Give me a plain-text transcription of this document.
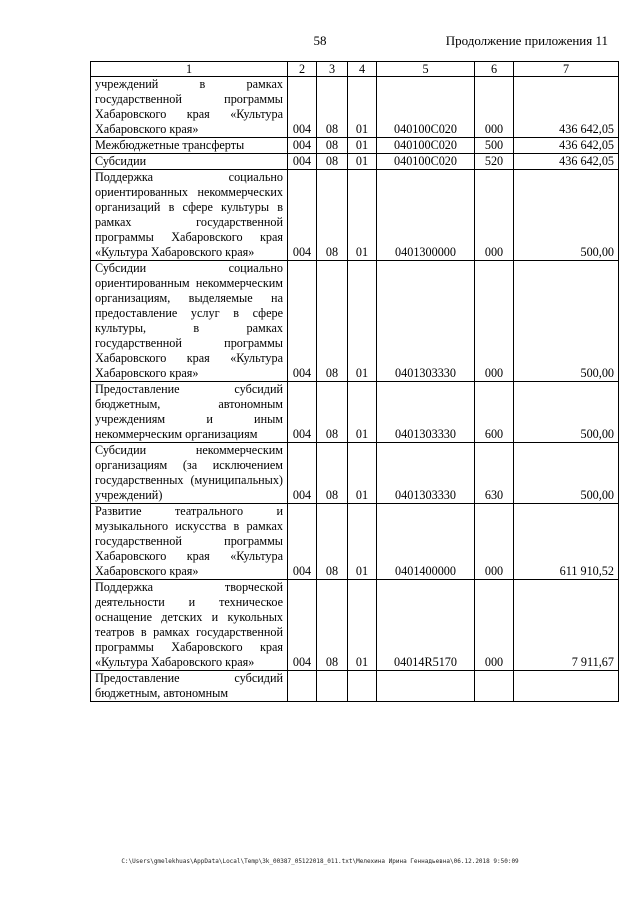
58	Продолжение приложения 11
1	2	3	4	5	6	7
учреждений в рамках государственной программы Хабаровского края «Культура Хабаровского края»	004	08	01	040100C020	000	436 642,05
Межбюджетные трансферты	004	08	01	040100C020	500	436 642,05
Субсидии	004	08	01	040100C020	520	436 642,05
Поддержка социально ориентированных некоммерческих организаций в сфере культуры в рамках государственной программы Хабаровского края «Культура Хабаровского края»	004	08	01	0401300000	000	500,00
Субсидии социально ориентированным некоммерческим организациям, выделяемые на предоставление услуг в сфере культуры, в рамках государственной программы Хабаровского края «Культура Хабаровского края»	004	08	01	0401303330	000	500,00
Предоставление субсидий бюджетным, автономным учреждениям и иным некоммерческим организациям	004	08	01	0401303330	600	500,00
Субсидии некоммерческим организациям (за исключением государственных (муниципальных) учреждений)	004	08	01	0401303330	630	500,00
Развитие театрального и музыкального искусства в рамках государственной программы Хабаровского края «Культура Хабаровского края»	004	08	01	0401400000	000	611 910,52
Поддержка творческой деятельности и техническое оснащение детских и кукольных театров в рамках государственной программы Хабаровского края «Культура Хабаровского края»	004	08	01	04014R5170	000	7 911,67
Предоставление субсидий бюджетным, автономным						
C:\Users\gmelekhuas\AppData\Local\Temp\3k_00387_05122018_011.txt\Мелехина Ирина Геннадьевна\06.12.2018 9:50:09
